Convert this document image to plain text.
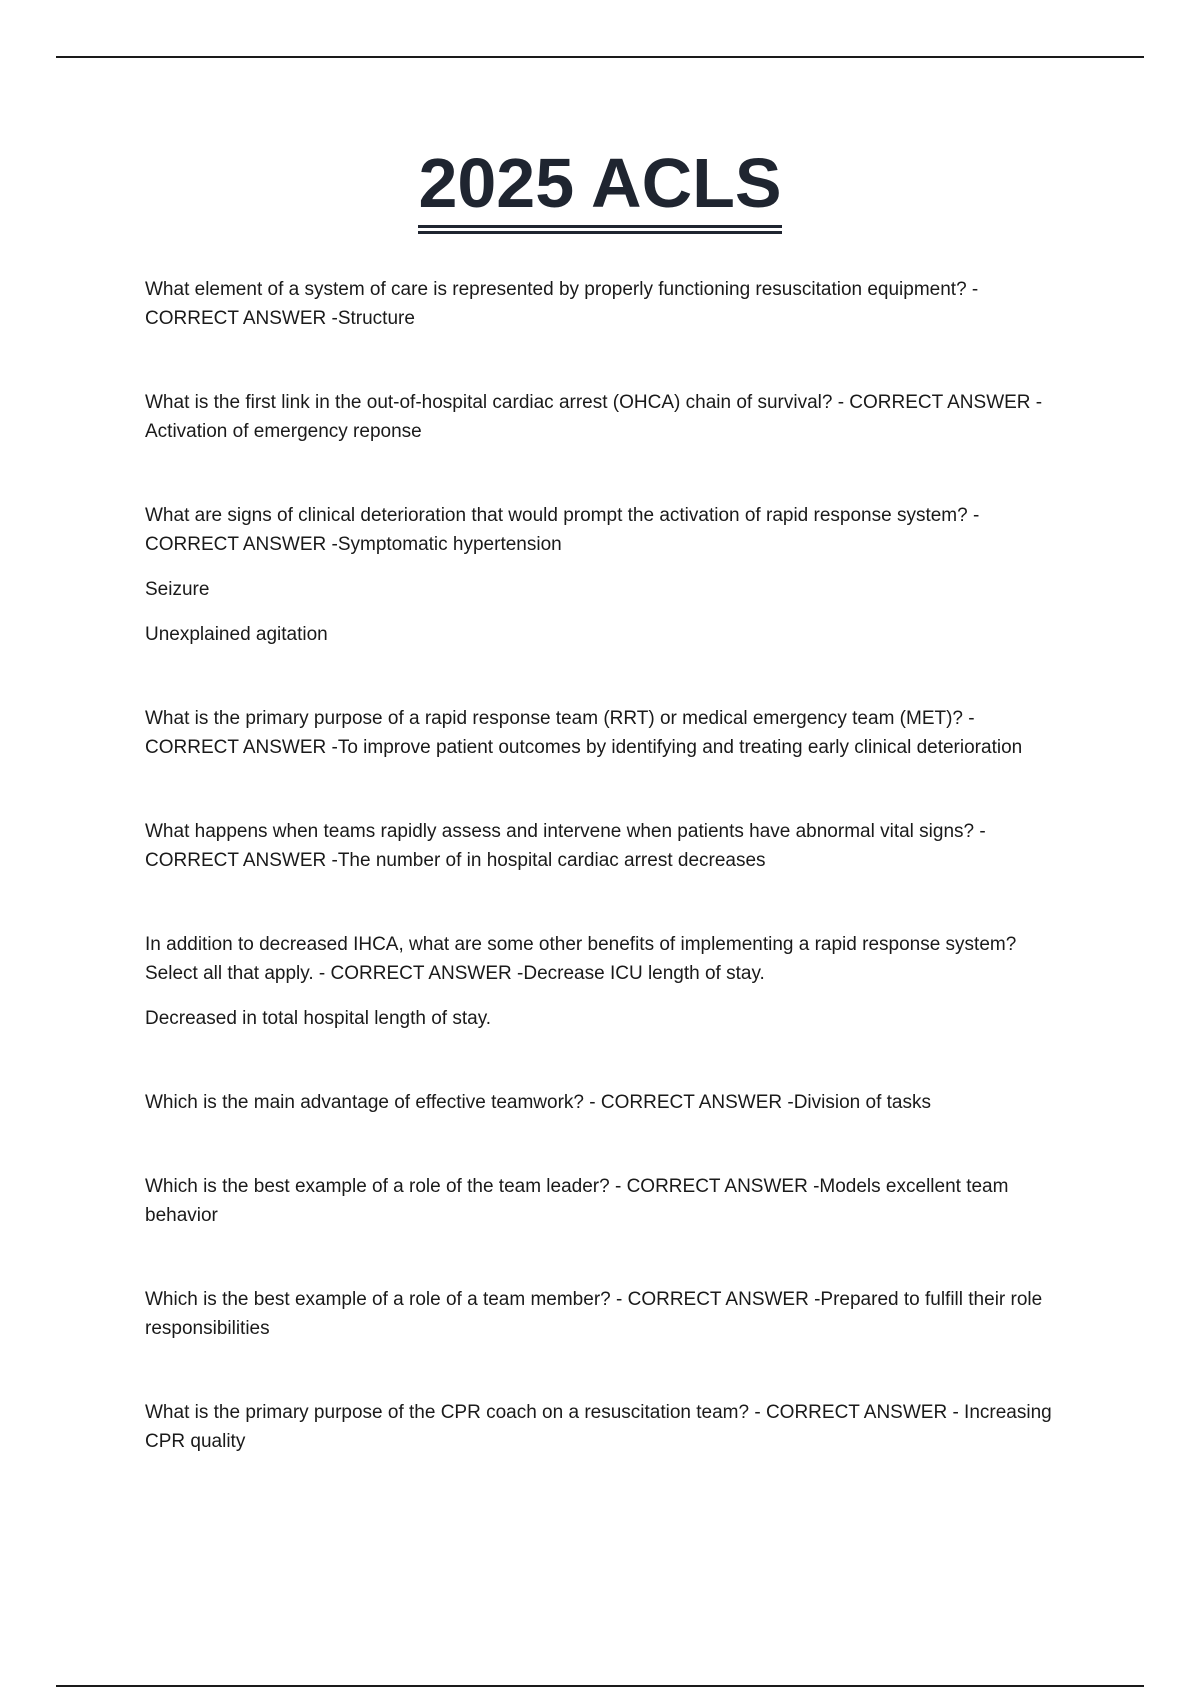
2025 ACLS

What element of a system of care is represented by properly functioning resuscitation equipment? - CORRECT ANSWER -Structure

What is the first link in the out-of-hospital cardiac arrest (OHCA) chain of survival? - CORRECT ANSWER -Activation of emergency reponse

What are signs of clinical deterioration that would prompt the activation of rapid response system? - CORRECT ANSWER -Symptomatic hypertension

Seizure

Unexplained agitation

What is the primary purpose of a rapid response team (RRT) or medical emergency team (MET)? - CORRECT ANSWER -To improve patient outcomes by identifying and treating early clinical deterioration

What happens when teams rapidly assess and intervene when patients have abnormal vital signs? - CORRECT ANSWER -The number of in hospital cardiac arrest decreases

In addition to decreased IHCA, what are some other benefits of implementing a rapid response system? Select all that apply. - CORRECT ANSWER -Decrease ICU length of stay.

Decreased in total hospital length of stay.

Which is the main advantage of effective teamwork? - CORRECT ANSWER -Division of tasks

Which is the best example of a role of the team leader? - CORRECT ANSWER -Models excellent team behavior

Which is the best example of a role of a team member? - CORRECT ANSWER -Prepared to fulfill their role responsibilities

What is the primary purpose of the CPR coach on a resuscitation team? - CORRECT ANSWER - Increasing CPR quality
